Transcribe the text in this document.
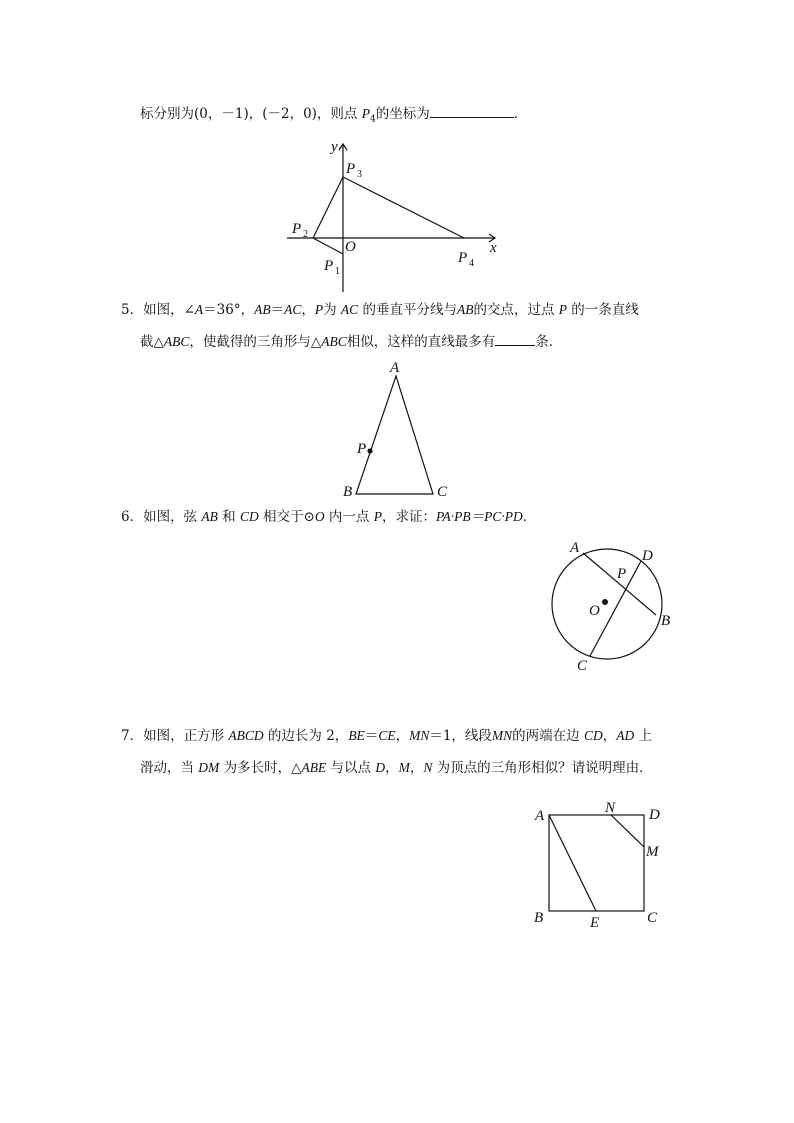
标分别为(0，－1)，(－2，0)，则点 $P_4$的坐标为	．
y
x
O
P 3
P 2
P 1
P 4
A
B	C
P
A	D
P
O
B
C
A	N D
M
B	E	C
5．如图，∠A＝36°，AB＝AC，P为 AC 的垂直平分线与AB的交点，过点 P 的一条直线
截△ABC，使截得的三角形与△ABC相似，这样的直线最多有	条．
6．如图，弦 AB 和 CD 相交于⊙O 内一点 P，求证：PA·PB＝PC·PD．
7．如图，正方形 ABCD 的边长为 2，BE＝CE，MN＝1，线段MN的两端在边 CD，AD 上
滑动，当 DM 为多长时，△ABE 与以点 D，M，N 为顶点的三角形相似？请说明理由．
